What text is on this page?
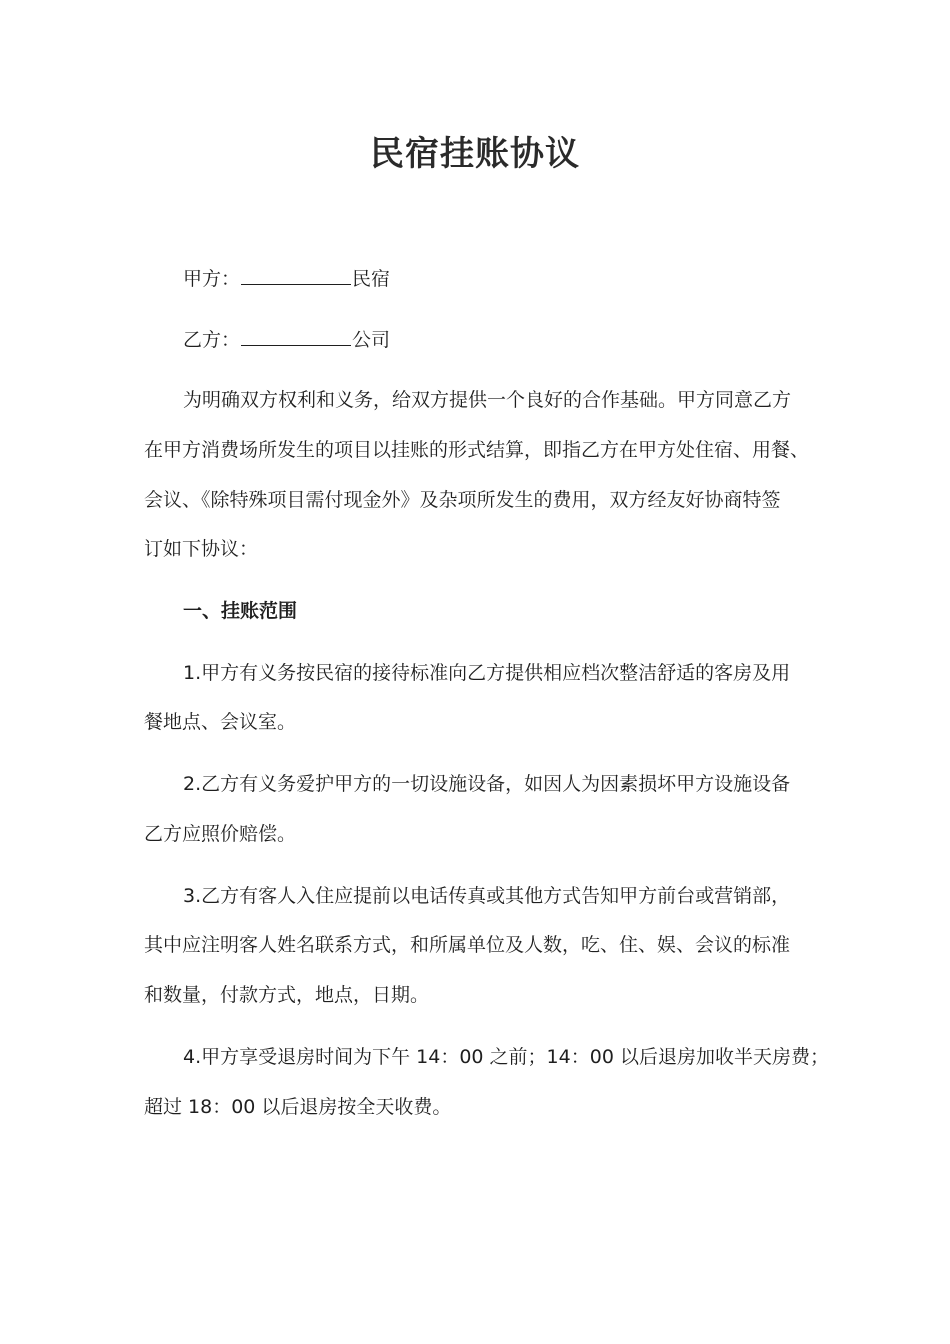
民宿挂账协议
甲方：	民宿
乙方：	公司
为明确双方权利和义务，给双方提供一个良好的合作基础。甲方同意乙方
在甲方消费场所发生的项目以挂账的形式结算，即指乙方在甲方处住宿、用餐、
会议、《除特殊项目需付现金外》及杂项所发生的费用，双方经友好协商特签
订如下协议：
一、挂账范围
1.甲方有义务按民宿的接待标准向乙方提供相应档次整洁舒适的客房及用
餐地点、会议室。
2.乙方有义务爱护甲方的一切设施设备，如因人为因素损坏甲方设施设备
乙方应照价赔偿。
3.乙方有客人入住应提前以电话传真或其他方式告知甲方前台或营销部，
其中应注明客人姓名联系方式，和所属单位及人数，吃、住、娱、会议的标准
和数量，付款方式，地点，日期。
4.甲方享受退房时间为下午 14：00 之前；14：00 以后退房加收半天房费；
超过 18：00 以后退房按全天收费。
